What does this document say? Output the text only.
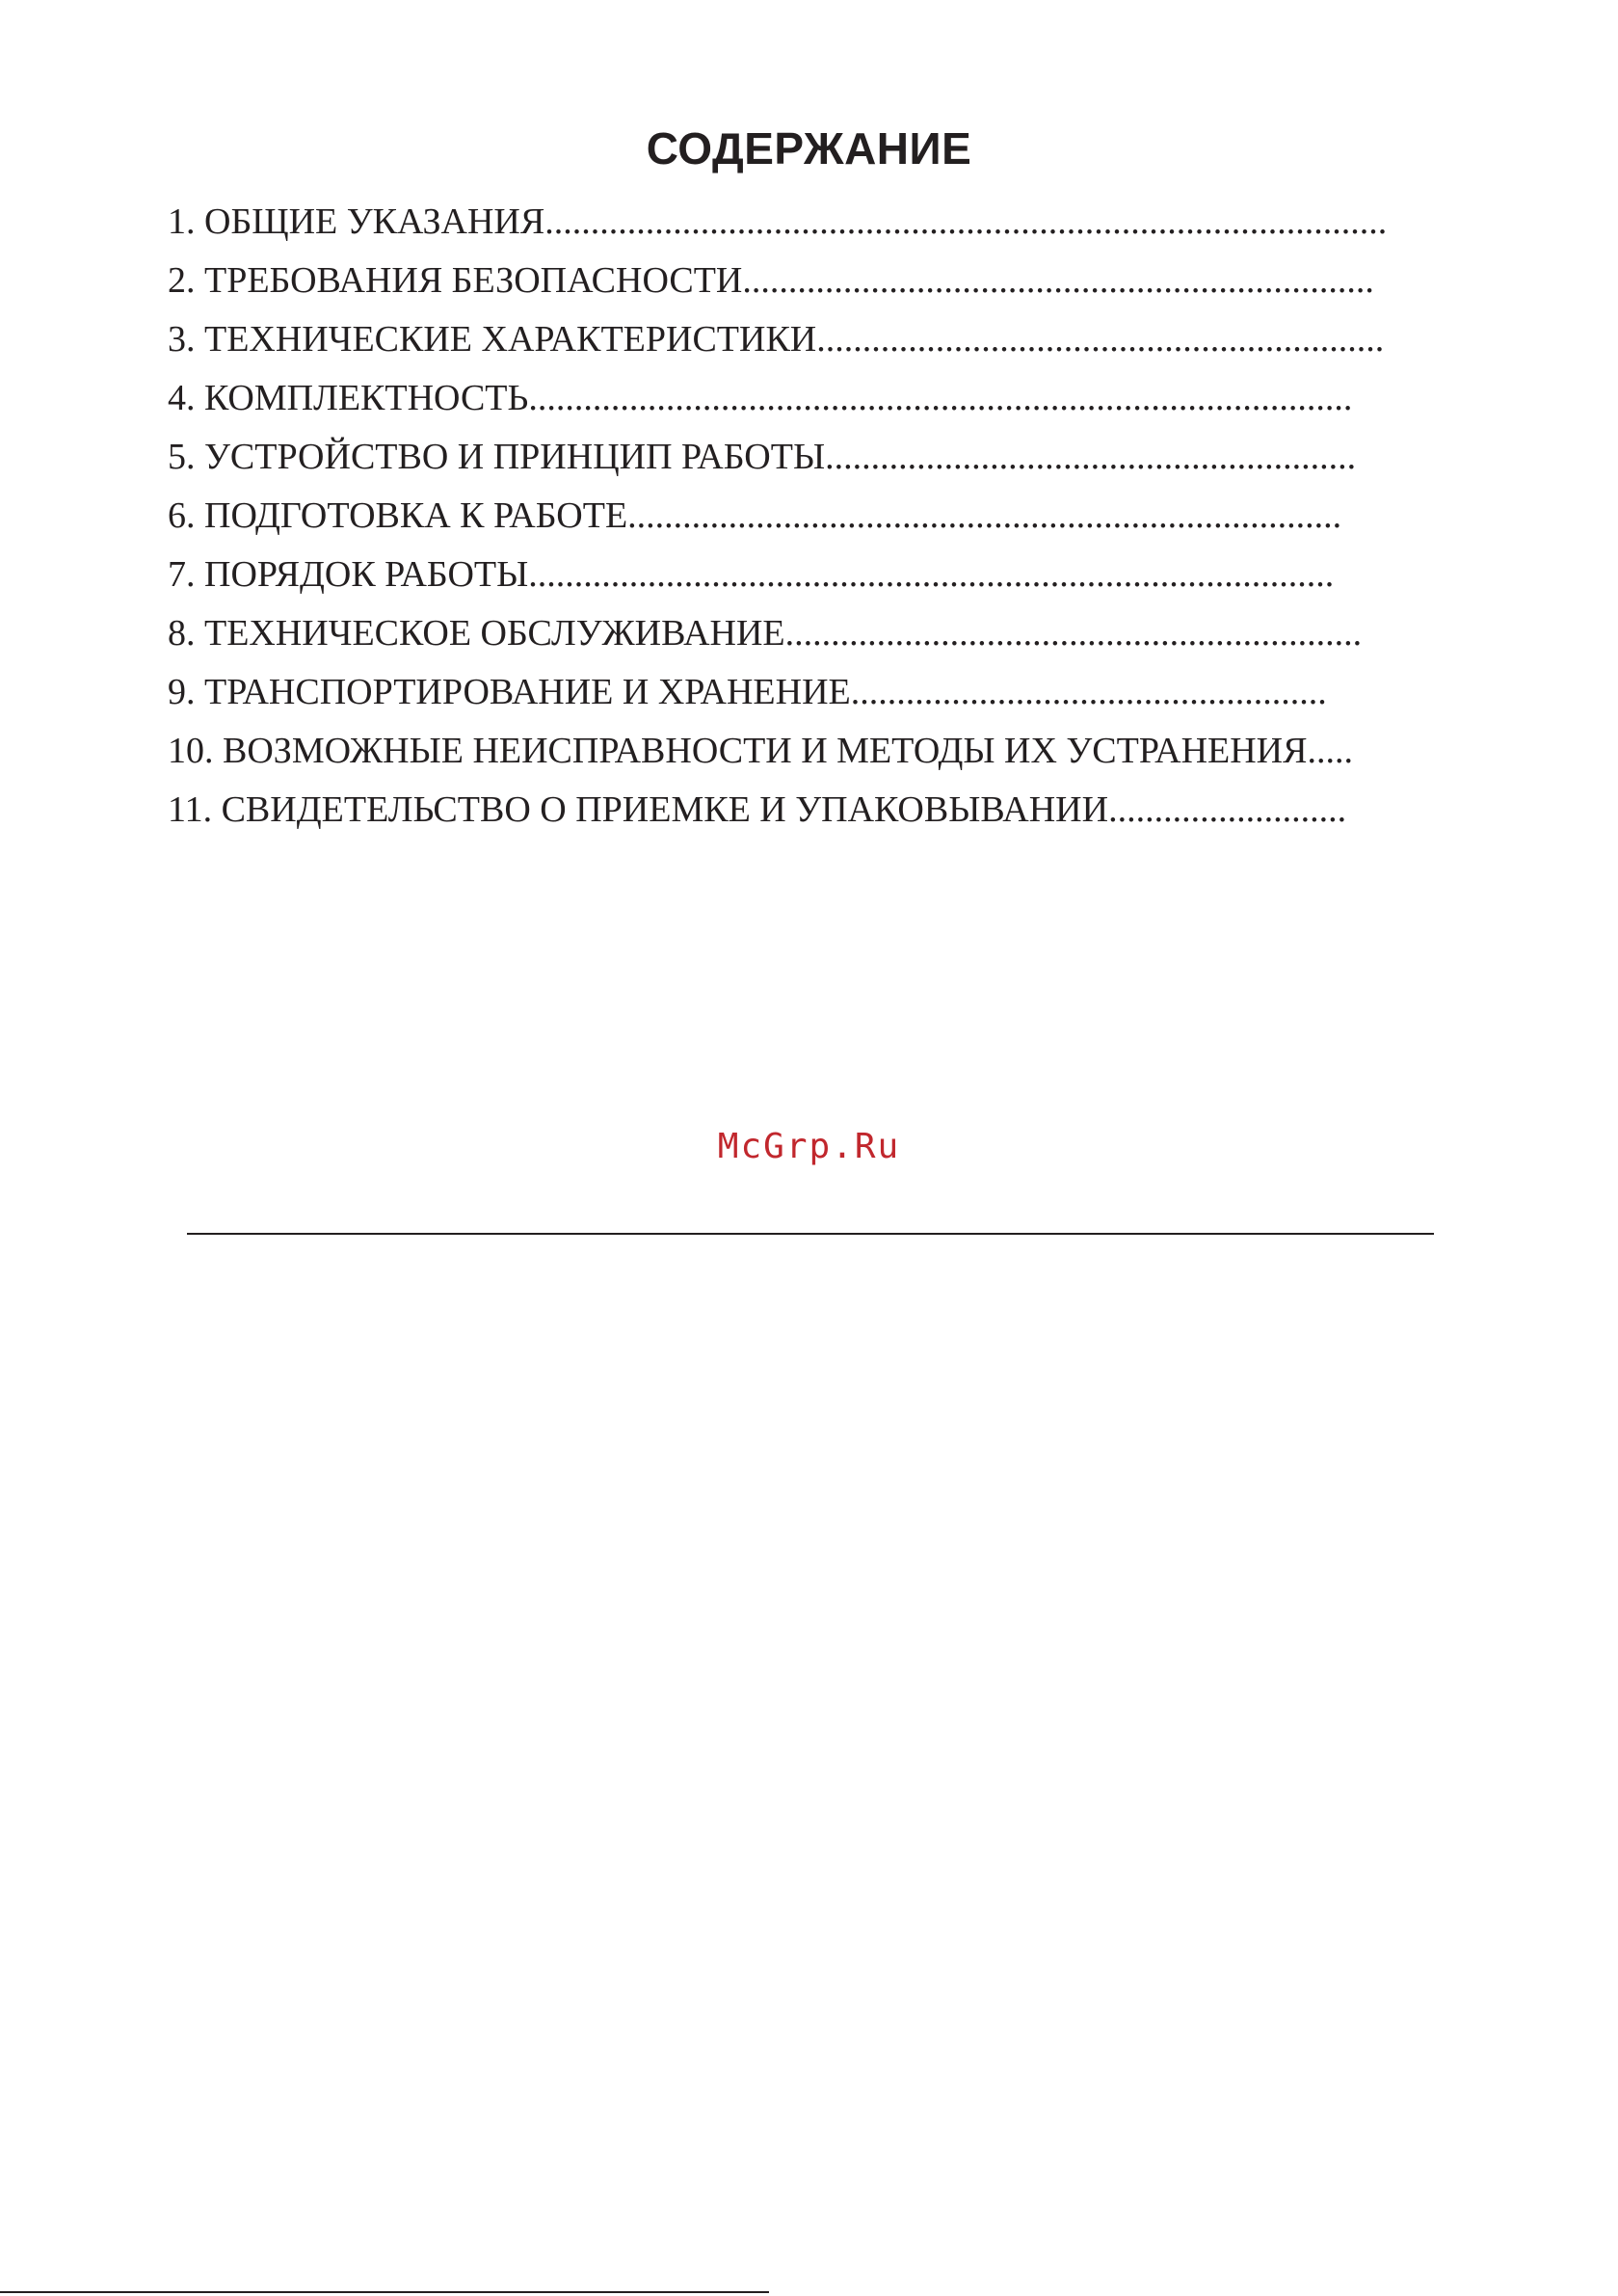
СОДЕРЖАНИЕ
1. ОБЩИЕ УКАЗАНИЯ............................................................................................
2. ТРЕБОВАНИЯ БЕЗОПАСНОСТИ.....................................................................
3. ТЕХНИЧЕСКИЕ ХАРАКТЕРИСТИКИ..............................................................
4. КОМПЛЕКТНОСТЬ..........................................................................................
5. УСТРОЙСТВО И ПРИНЦИП РАБОТЫ..........................................................
6. ПОДГОТОВКА К РАБОТЕ..............................................................................
7. ПОРЯДОК РАБОТЫ........................................................................................
8. ТЕХНИЧЕСКОЕ ОБСЛУЖИВАНИЕ...............................................................
9. ТРАНСПОРТИРОВАНИЕ И ХРАНЕНИЕ....................................................
10. ВОЗМОЖНЫЕ НЕИСПРАВНОСТИ И МЕТОДЫ ИХ УСТРАНЕНИЯ.....
11. СВИДЕТЕЛЬСТВО О ПРИЕМКЕ И УПАКОВЫВАНИИ..........................
McGrp.Ru
